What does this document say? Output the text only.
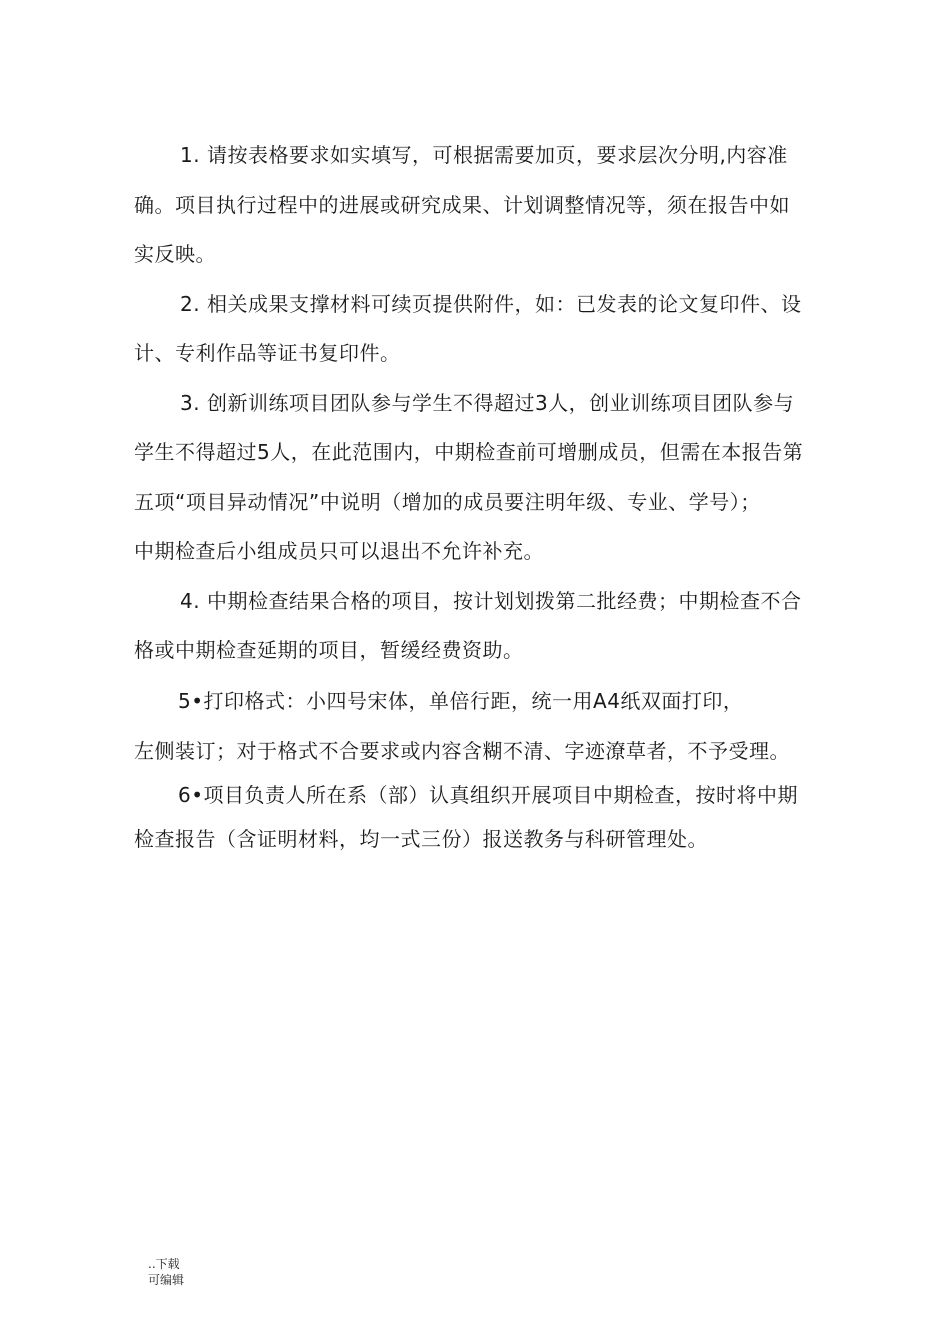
1. 请按表格要求如实填写，可根据需要加页，要求层次分明,内容准
确。项目执行过程中的进展或研究成果、计划调整情况等，须在报告中如
实反映。
2. 相关成果支撑材料可续页提供附件，如：已发表的论文复印件、设
计、专利作品等证书复印件。
3. 创新训练项目团队参与学生不得超过3人，创业训练项目团队参与
学生不得超过5人，在此范围内，中期检查前可增删成员，但需在本报告第
五项“项目异动情况”中说明（增加的成员要注明年级、专业、学号）；
中期检查后小组成员只可以退出不允许补充。
4. 中期检查结果合格的项目，按计划划拨第二批经费；中期检查不合
格或中期检查延期的项目，暂缓经费资助。
5•打印格式：小四号宋体，单倍行距，统一用A4纸双面打印，
左侧装订；对于格式不合要求或内容含糊不清、字迹潦草者，不予受理。
6•项目负责人所在系（部）认真组织开展项目中期检查，按时将中期
检查报告（含证明材料，均一式三份）报送教务与科研管理处。
..下载
可编辑
